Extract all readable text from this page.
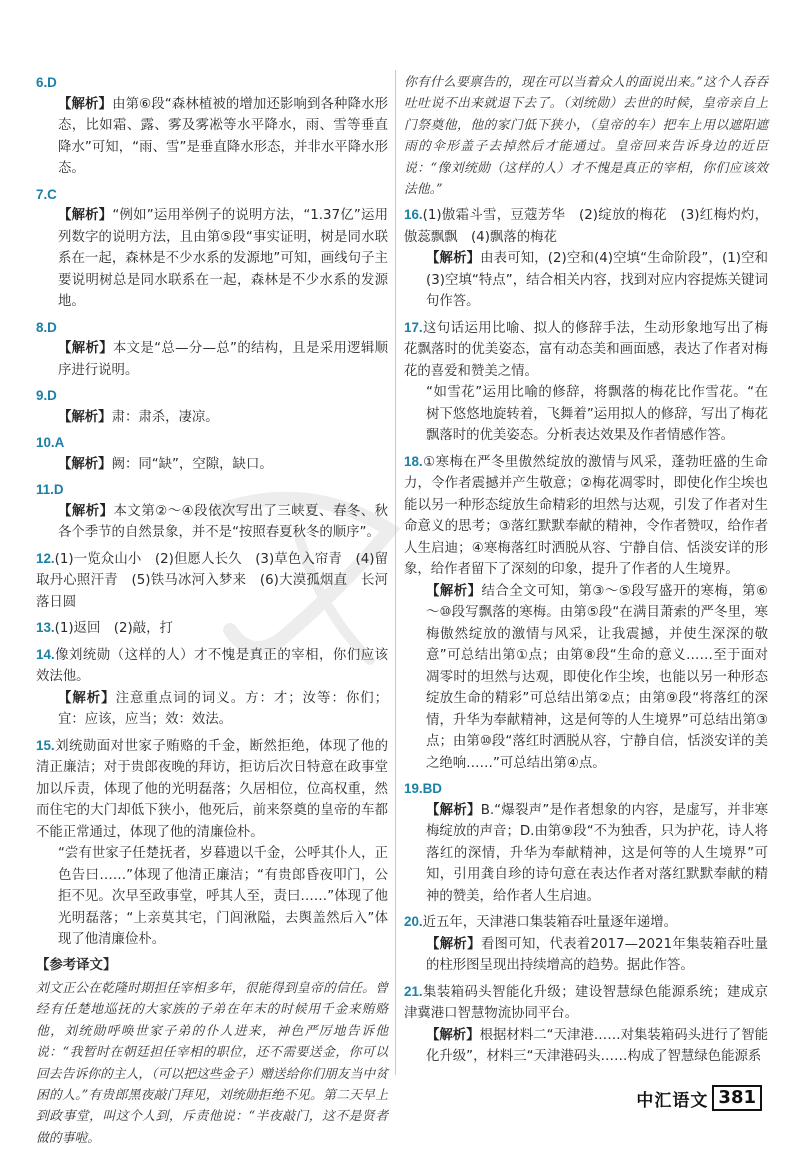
6.D
【解析】由第⑥段“森林植被的增加还影响到各种降水形态，比如霜、露、雾及雾凇等水平降水，雨、雪等垂直降水”可知，“雨、雪”是垂直降水形态，并非水平降水形态。
7.C
【解析】“例如”运用举例子的说明方法，“1.37亿”运用列数字的说明方法，且由第⑤段“事实证明，树是同水联系在一起，森林是不少水系的发源地”可知，画线句子主要说明树总是同水联系在一起，森林是不少水系的发源地。
8.D
【解析】本文是“总—分—总”的结构，且是采用逻辑顺序进行说明。
9.D
【解析】肃：肃杀，凄凉。
10.A
【解析】阙：同“缺”，空隙，缺口。
11.D
【解析】本文第②～④段依次写出了三峡夏、春冬、秋各个季节的自然景象，并不是“按照春夏秋冬的顺序”。
12.(1)一览众山小　(2)但愿人长久　(3)草色入帘青　(4)留取丹心照汗青　(5)铁马冰河入梦来　(6)大漠孤烟直　长河落日圆
13.(1)返回　(2)敲，打
14.像刘统勋（这样的人）才不愧是真正的宰相，你们应该效法他。
【解析】注意重点词的词义。方：才；汝等：你们；宜：应该，应当；效：效法。
15.刘统勋面对世家子贿赂的千金，断然拒绝，体现了他的清正廉洁；对于贵郎夜晚的拜访，拒访后次日特意在政事堂加以斥责，体现了他的光明磊落；久居相位，位高权重，然而住宅的大门却低下狭小，他死后，前来祭奠的皇帝的车都不能正常通过，体现了他的清廉俭朴。
“尝有世家子任楚抚者，岁暮遗以千金，公呼其仆人，正色告曰……”体现了他清正廉洁；“有贵郎昏夜叩门，公拒不见。次早至政事堂，呼其人至，责曰……”体现了他光明磊落；“上亲莫其宅，门闾湫隘，去舆盖然后入”体现了他清廉俭朴。
【参考译文】
刘文正公在乾隆时期担任宰相多年，很能得到皇帝的信任。曾经有任楚地巡抚的大家族的子弟在年末的时候用千金来贿赂他，刘统勋呼唤世家子弟的仆人进来，神色严厉地告诉他说：“我暂时在朝廷担任宰相的职位，还不需要送金，你可以回去告诉你的主人，（可以把这些金子）赠送给你们朋友当中贫困的人。”有贵郎黑夜敲门拜见，刘统勋拒绝不见。第二天早上到政事堂，叫这个人到，斥责他说：“半夜敲门，这不是贤者做的事啦。
你有什么要禀告的，现在可以当着众人的面说出来。”这个人吞吞吐吐说不出来就退下去了。（刘统勋）去世的时候，皇帝亲自上门祭奠他，他的家门低下狭小，（皇帝的车）把车上用以遮阳遮雨的伞形盖子去掉然后才能通过。皇帝回来告诉身边的近臣说：“像刘统勋（这样的人）才不愧是真正的宰相，你们应该效法他。”
16.(1)傲霜斗雪，豆蔻芳华　(2)绽放的梅花　(3)红梅灼灼，傲蕊飘飘　(4)飘落的梅花
【解析】由表可知，(2)空和(4)空填“生命阶段”，(1)空和(3)空填“特点”，结合相关内容，找到对应内容提炼关键词句作答。
17.这句话运用比喻、拟人的修辞手法，生动形象地写出了梅花飘落时的优美姿态，富有动态美和画面感，表达了作者对梅花的喜爱和赞美之情。
“如雪花”运用比喻的修辞，将飘落的梅花比作雪花。“在树下悠悠地旋转着，飞舞着”运用拟人的修辞，写出了梅花飘落时的优美姿态。分析表达效果及作者情感作答。
18.①寒梅在严冬里傲然绽放的激情与风采，蓬勃旺盛的生命力，令作者震撼并产生敬意；②梅花凋零时，即使化作尘埃也能以另一种形态绽放生命精彩的坦然与达观，引发了作者对生命意义的思考；③落红默默奉献的精神，令作者赞叹，给作者人生启迪；④寒梅落红时洒脱从容、宁静自信、恬淡安详的形象，给作者留下了深刻的印象，提升了作者的人生境界。
【解析】结合全文可知，第③～⑤段写盛开的寒梅，第⑥～⑩段写飘落的寒梅。由第⑤段“在满目萧索的严冬里，寒梅傲然绽放的激情与风采，让我震撼，并使生深深的敬意”可总结出第①点；由第⑧段“生命的意义……至于面对凋零时的坦然与达观，即使化作尘埃，也能以另一种形态绽放生命的精彩”可总结出第②点；由第⑨段“将落红的深情，升华为奉献精神，这是何等的人生境界”可总结出第③点；由第⑩段“落红时洒脱从容，宁静自信，恬淡安详的美之绝响……”可总结出第④点。
19.BD
【解析】B.“爆裂声”是作者想象的内容，是虚写，并非寒梅绽放的声音；D.由第⑨段“不为独香，只为护花，诗人将落红的深情，升华为奉献精神，这是何等的人生境界”可知，引用龚自珍的诗句意在表达作者对落红默默奉献的精神的赞美，给作者人生启迪。
20.近五年，天津港口集装箱吞吐量逐年递增。
【解析】看图可知，代表着2017—2021年集装箱吞吐量的柱形图呈现出持续增高的趋势。据此作答。
21.集装箱码头智能化升级；建设智慧绿色能源系统；建成京津冀港口智慧物流协同平台。
【解析】根据材料二“天津港……对集装箱码头进行了智能化升级”，材料三“天津港码头……构成了智慧绿色能源系
中汇语文 381
